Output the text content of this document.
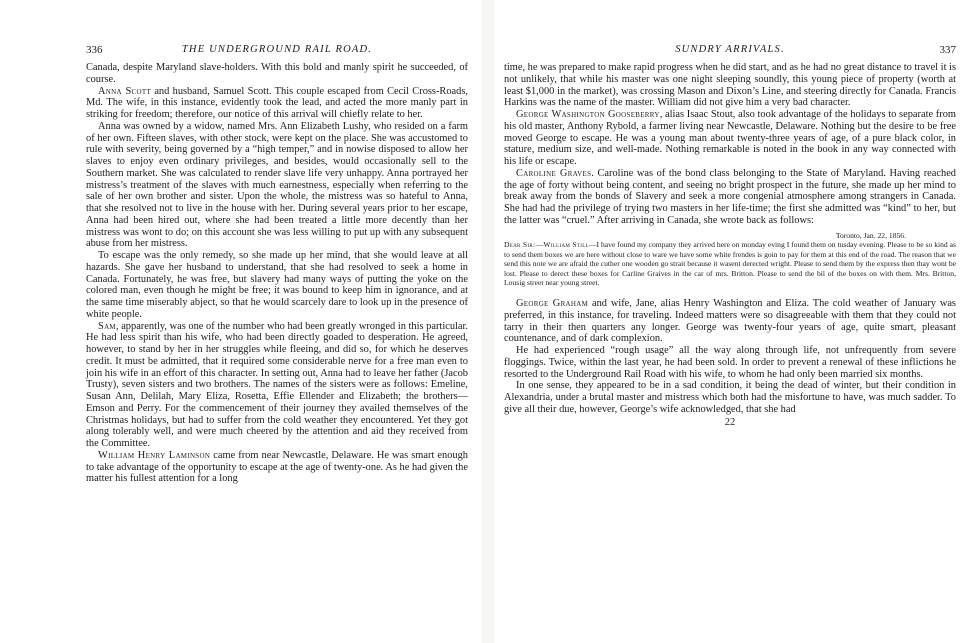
336	THE UNDERGROUND RAIL ROAD.

Canada, despite Maryland slave-holders. With this bold and manly spirit he succeeded, of course.

Anna Scott and husband, Samuel Scott. This couple escaped from Cecil Cross-Roads, Md. The wife, in this instance, evidently took the lead, and acted the more manly part in striking for freedom; therefore, our notice of this arrival will chiefly relate to her.

Anna was owned by a widow, named Mrs. Ann Elizabeth Lushy, who resided on a farm of her own. Fifteen slaves, with other stock, were kept on the place. She was accustomed to rule with severity, being governed by a “high temper,” and in nowise disposed to allow her slaves to enjoy even ordinary privileges, and besides, would occasionally sell to the Southern market. She was calculated to render slave life very unhappy. Anna portrayed her mistress’s treatment of the slaves with much earnestness, especially when referring to the sale of her own brother and sister. Upon the whole, the mistress was so hateful to Anna, that she resolved not to live in the house with her. During several years prior to her escape, Anna had been hired out, where she had been treated a little more decently than her mistress was wont to do; on this account she was less willing to put up with any subsequent abuse from her mistress.

To escape was the only remedy, so she made up her mind, that she would leave at all hazards. She gave her husband to understand, that she had resolved to seek a home in Canada. Fortunately, he was free, but slavery had many ways of putting the yoke on the colored man, even though he might be free; it was bound to keep him in ignorance, and at the same time miserably abject, so that he would scarcely dare to look up in the presence of white people.

Sam, apparently, was one of the number who had been greatly wronged in this particular. He had less spirit than his wife, who had been directly goaded to desperation. He agreed, however, to stand by her in her struggles while fleeing, and did so, for which he deserves credit. It must be admitted, that it required some considerable nerve for a free man even to join his wife in an effort of this character. In setting out, Anna had to leave her father (Jacob Trusty), seven sisters and two brothers. The names of the sisters were as follows: Emeline, Susan Ann, Delilah, Mary Eliza, Rosetta, Effie Ellender and Elizabeth; the brothers—Emson and Perry. For the commencement of their journey they availed themselves of the Christmas holidays, but had to suffer from the cold weather they encountered. Yet they got along tolerably well, and were much cheered by the attention and aid they received from the Committee.

William Henry Laminson came from near Newcastle, Delaware. He was smart enough to take advantage of the opportunity to escape at the age of twenty-one. As he had given the matter his fullest attention for a long

SUNDRY ARRIVALS.	337

time, he was prepared to make rapid progress when he did start, and as he had no great distance to travel it is not unlikely, that while his master was one night sleeping soundly, this young piece of property (worth at least $1,000 in the market), was crossing Mason and Dixon’s Line, and steering directly for Canada. Francis Harkins was the name of the master. William did not give him a very bad character.

George Washington Gooseberry, alias Isaac Stout, also took advantage of the holidays to separate from his old master, Anthony Rybold, a farmer living near Newcastle, Delaware. Nothing but the desire to be free moved George to escape. He was a young man about twenty-three years of age, of a pure black color, in stature, medium size, and well-made. Nothing remarkable is noted in the book in any way connected with his life or escape.

Caroline Graves. Caroline was of the bond class belonging to the State of Maryland. Having reached the age of forty without being content, and seeing no bright prospect in the future, she made up her mind to break away from the bonds of Slavery and seek a more congenial atmosphere among strangers in Canada. She had had the privilege of trying two masters in her life-time; the first she admitted was “kind” to her, but the latter was “cruel.” After arriving in Canada, she wrote back as follows:

Toronto, Jan. 22, 1856.
Dear Sir:—William Still—I have found my company they arrived here on monday eving I found them on tusday evening. Please to be so kind as to send them boxes we are here without close to ware we have some white frendes is goin to pay for them at this end of the road. The reason that we send this note we are afraid the cuther one wooden go strait because it wasent derected wright. Please to send them by the express then thay wont be lost. Please to derect these boxes for Carline Graives in the car of mrs. Britton. Please to send the bil of the boxes on with them. Mrs. Britton, Lousig street near young street.

George Graham and wife, Jane, alias Henry Washington and Eliza. The cold weather of January was preferred, in this instance, for traveling. Indeed matters were so disagreeable with them that they could not tarry in their then quarters any longer. George was twenty-four years of age, quite smart, pleasant countenance, and of dark complexion.

He had experienced “rough usage” all the way along through life, not unfrequently from severe floggings. Twice, within the last year, he had been sold. In order to prevent a renewal of these inflictions he resorted to the Underground Rail Road with his wife, to whom he had only been married six months.

In one sense, they appeared to be in a sad condition, it being the dead of winter, but their condition in Alexandria, under a brutal master and mistress which both had the misfortune to have, was much sadder. To give all their due, however, George’s wife acknowledged, that she had

22
